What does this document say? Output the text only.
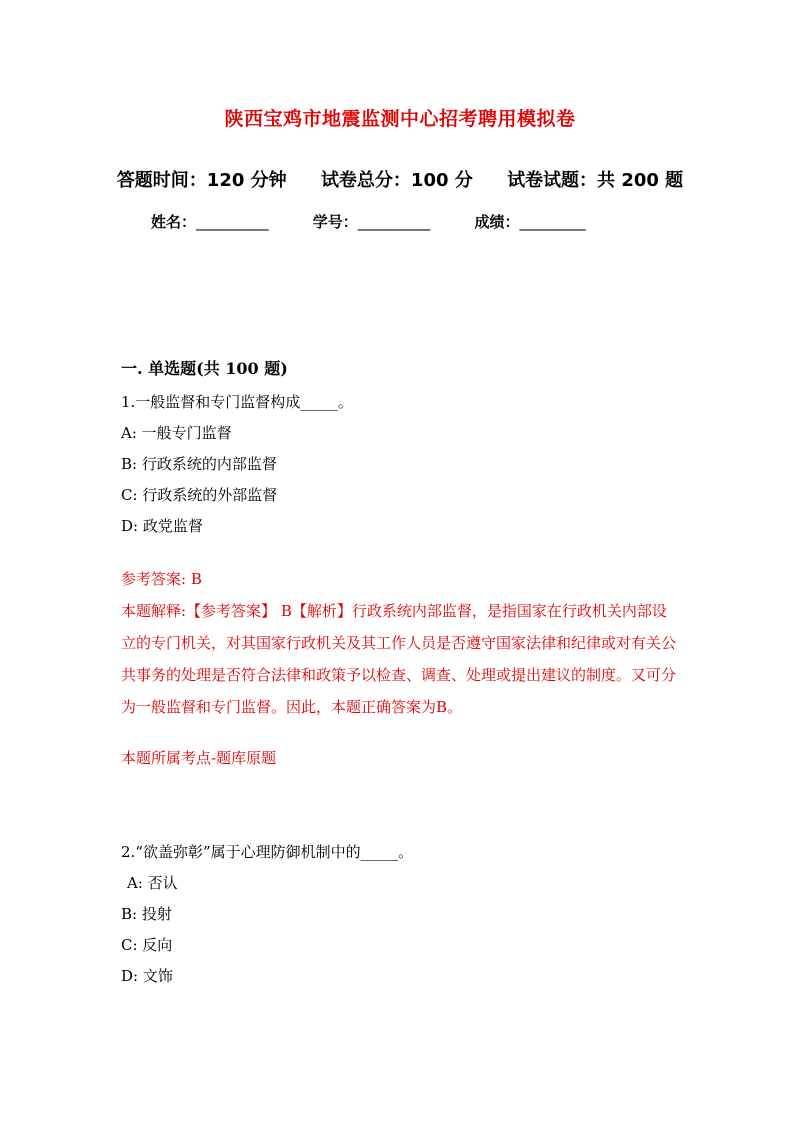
陕西宝鸡市地震监测中心招考聘用模拟卷
答题时间：120 分钟 试卷总分：100 分 试卷试题：共 200 题
姓名：___________	学号：___________	成绩：__________
一. 单选题(共 100 题)
1.一般监督和专门监督构成_____。
A: 一般专门监督
B: 行政系统的内部监督
C: 行政系统的外部监督
D: 政党监督
参考答案: B
本题解释:【参考答案】 B【解析】行政系统内部监督，是指国家在行政机关内部设立的专门机关，对其国家行政机关及其工作人员是否遵守国家法律和纪律或对有关公共事务的处理是否符合法律和政策予以检查、调查、处理或提出建议的制度。又可分为一般监督和专门监督。因此，本题正确答案为B。
本题所属考点-题库原题
2.“欲盖弥彰”属于心理防御机制中的_____。
A: 否认
B: 投射
C: 反向
D: 文饰
